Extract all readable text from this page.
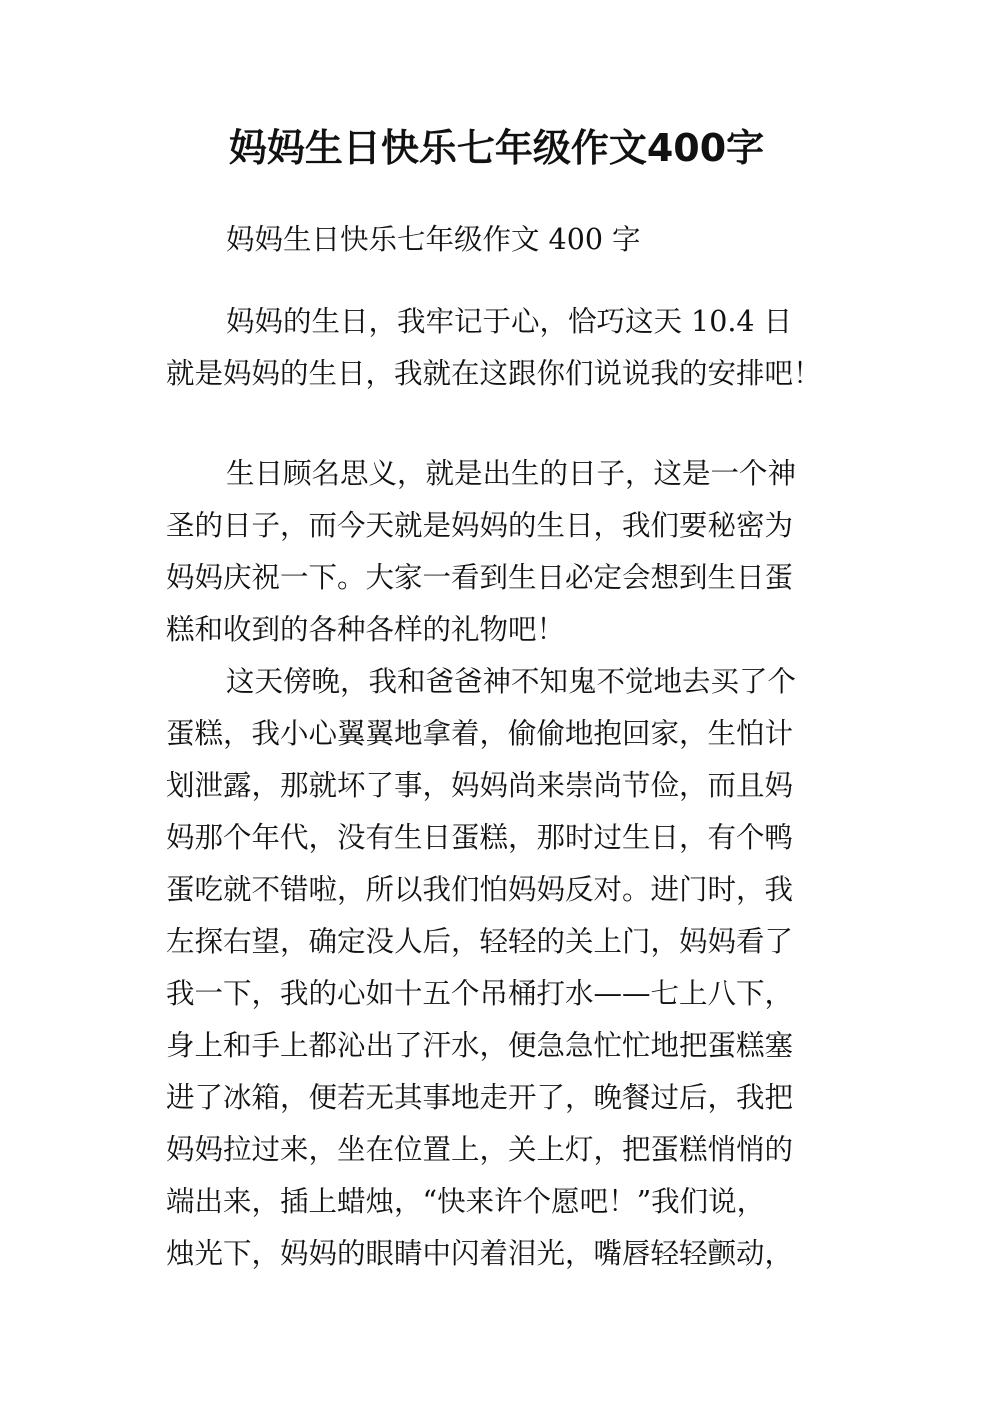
妈妈生日快乐七年级作文400字
妈妈生日快乐七年级作文 400 字
妈妈的生日，我牢记于心，恰巧这天 10.4 日
就是妈妈的生日，我就在这跟你们说说我的安排吧！
生日顾名思义，就是出生的日子，这是一个神
圣的日子，而今天就是妈妈的生日，我们要秘密为
妈妈庆祝一下。大家一看到生日必定会想到生日蛋
糕和收到的各种各样的礼物吧！
这天傍晚，我和爸爸神不知鬼不觉地去买了个
蛋糕，我小心翼翼地拿着，偷偷地抱回家，生怕计
划泄露，那就坏了事，妈妈尚来崇尚节俭，而且妈
妈那个年代，没有生日蛋糕，那时过生日，有个鸭
蛋吃就不错啦，所以我们怕妈妈反对。进门时，我
左探右望，确定没人后，轻轻的关上门，妈妈看了
我一下，我的心如十五个吊桶打水——七上八下，
身上和手上都沁出了汗水，便急急忙忙地把蛋糕塞
进了冰箱，便若无其事地走开了，晚餐过后，我把
妈妈拉过来，坐在位置上，关上灯，把蛋糕悄悄的
端出来，插上蜡烛，“快来许个愿吧！”我们说，
烛光下，妈妈的眼睛中闪着泪光，嘴唇轻轻颤动，
